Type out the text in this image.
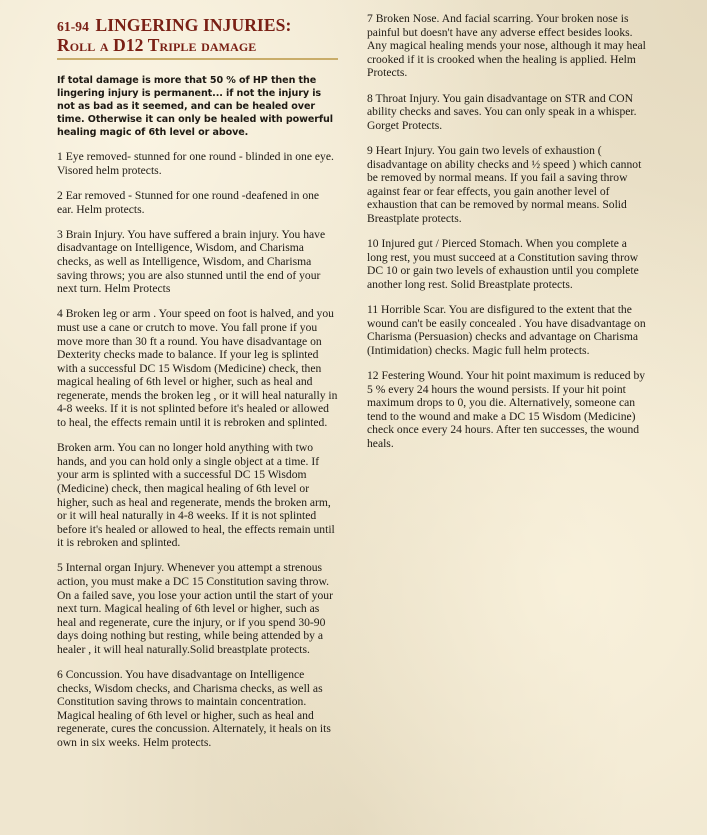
61-94 LINGERING INJURIES:
Roll a D12 Triple damage

If total damage is more that 50 % of HP then the lingering injury is permanent... if not the injury is not as bad as it seemed, and can be healed over time. Otherwise it can only be healed with powerful healing magic of 6th level or above.

1 Eye removed- stunned for one round - blinded in one eye. Visored helm protects.

2 Ear removed - Stunned for one round -deafened in one ear. Helm protects.

3 Brain Injury. You have suffered a brain injury. You have disadvantage on Intelligence, Wisdom, and Charisma checks, as well as Intelligence, Wisdom, and Charisma saving throws; you are also stunned until the end of your next turn. Helm Protects

4 Broken leg or arm . Your speed on foot is halved, and you must use a cane or crutch to move. You fall prone if you move more than 30 ft a round. You have disadvantage on Dexterity checks made to balance. If your leg is splinted with a successful DC 15 Wisdom (Medicine) check, then magical healing of 6th level or higher, such as heal and regenerate, mends the broken leg , or it will heal naturally in 4-8 weeks. If it is not splinted before it's healed or allowed to heal, the effects remain until it is rebroken and splinted.

Broken arm. You can no longer hold anything with two hands, and you can hold only a single object at a time. If your arm is splinted with a successful DC 15 Wisdom (Medicine) check, then magical healing of 6th level or higher, such as heal and regenerate, mends the broken arm, or it will heal naturally in 4-8 weeks. If it is not splinted before it's healed or allowed to heal, the effects remain until it is rebroken and splinted.

5 Internal organ Injury. Whenever you attempt a strenous action, you must make a DC 15 Constitution saving throw. On a failed save, you lose your action until the start of your next turn. Magical healing of 6th level or higher, such as heal and regenerate, cure the injury, or if you spend 30-90 days doing nothing but resting, while being attended by a healer , it will heal naturally.Solid breastplate protects.

6 Concussion. You have disadvantage on Intelligence checks, Wisdom checks, and Charisma checks, as well as Constitution saving throws to maintain concentration. Magical healing of 6th level or higher, such as heal and regenerate, cures the concussion. Alternately, it heals on its own in six weeks. Helm protects.

7 Broken Nose. And facial scarring. Your broken nose is painful but doesn't have any adverse effect besides looks. Any magical healing mends your nose, although it may heal crooked if it is crooked when the healing is applied. Helm Protects.

8 Throat Injury. You gain disadvantage on STR and CON ability checks and saves. You can only speak in a whisper. Gorget Protects.

9 Heart Injury. You gain two levels of exhaustion ( disadvantage on ability checks and ½ speed ) which cannot be removed by normal means. If you fail a saving throw against fear or fear effects, you gain another level of exhaustion that can be removed by normal means. Solid Breastplate protects.

10 Injured gut / Pierced Stomach. When you complete a long rest, you must succeed at a Constitution saving throw DC 10 or gain two levels of exhaustion until you complete another long rest. Solid Breastplate protects.

11 Horrible Scar. You are disfigured to the extent that the wound can't be easily concealed . You have disadvantage on Charisma (Persuasion) checks and advantage on Charisma (Intimidation) checks. Magic full helm protects.

12 Festering Wound. Your hit point maximum is reduced by 5 % every 24 hours the wound persists. If your hit point maximum drops to 0, you die. Alternatively, someone can tend to the wound and make a DC 15 Wisdom (Medicine) check once every 24 hours. After ten successes, the wound heals.
